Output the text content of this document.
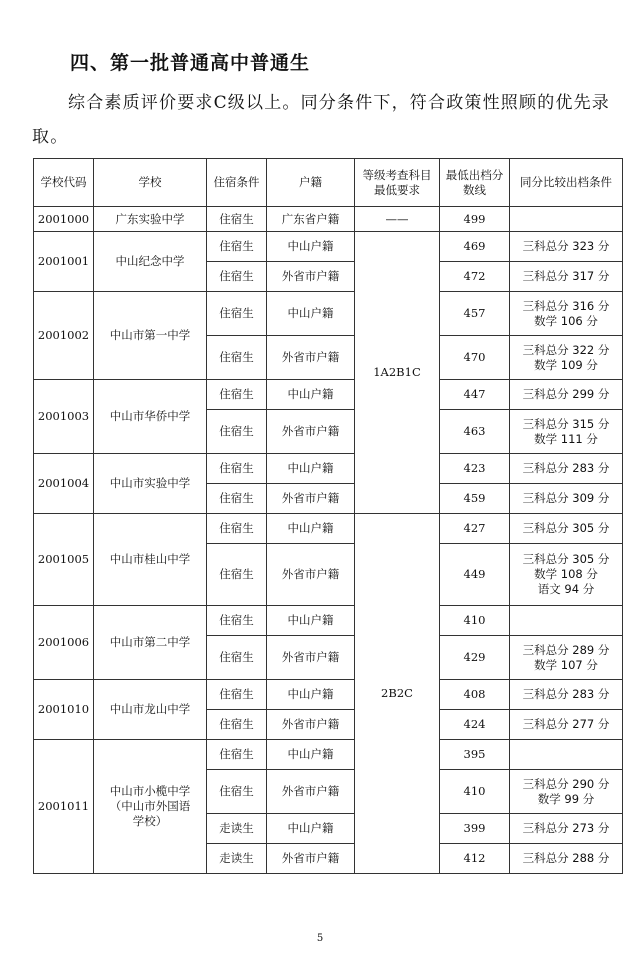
四、第一批普通高中普通生

综合素质评价要求C级以上。同分条件下，符合政策性照顾的优先录取。

学校代码	学校	住宿条件	户籍	等级考查科目最低要求	最低出档分数线	同分比较出档条件
2001000	广东实验中学	住宿生	广东省户籍	——	499	
2001001	中山纪念中学	住宿生	中山户籍	1A2B1C	469	三科总分 323 分
		住宿生	外省市户籍		472	三科总分 317 分
2001002	中山市第一中学	住宿生	中山户籍		457	三科总分 316 分
数学 106 分
		住宿生	外省市户籍		470	三科总分 322 分
数学 109 分
2001003	中山市华侨中学	住宿生	中山户籍		447	三科总分 299 分
		住宿生	外省市户籍		463	三科总分 315 分
数学 111 分
2001004	中山市实验中学	住宿生	中山户籍		423	三科总分 283 分
		住宿生	外省市户籍		459	三科总分 309 分
2001005	中山市桂山中学	住宿生	中山户籍	2B2C	427	三科总分 305 分
		住宿生	外省市户籍		449	三科总分 305 分
数学 108 分
语文 94 分
2001006	中山市第二中学	住宿生	中山户籍		410	
		住宿生	外省市户籍		429	三科总分 289 分
数学 107 分
2001010	中山市龙山中学	住宿生	中山户籍		408	三科总分 283 分
		住宿生	外省市户籍		424	三科总分 277 分
2001011	中山市小榄中学
（中山市外国语
学校）	住宿生	中山户籍		395	
		住宿生	外省市户籍		410	三科总分 290 分
数学 99 分
		走读生	中山户籍		399	三科总分 273 分
		走读生	外省市户籍		412	三科总分 288 分
5
